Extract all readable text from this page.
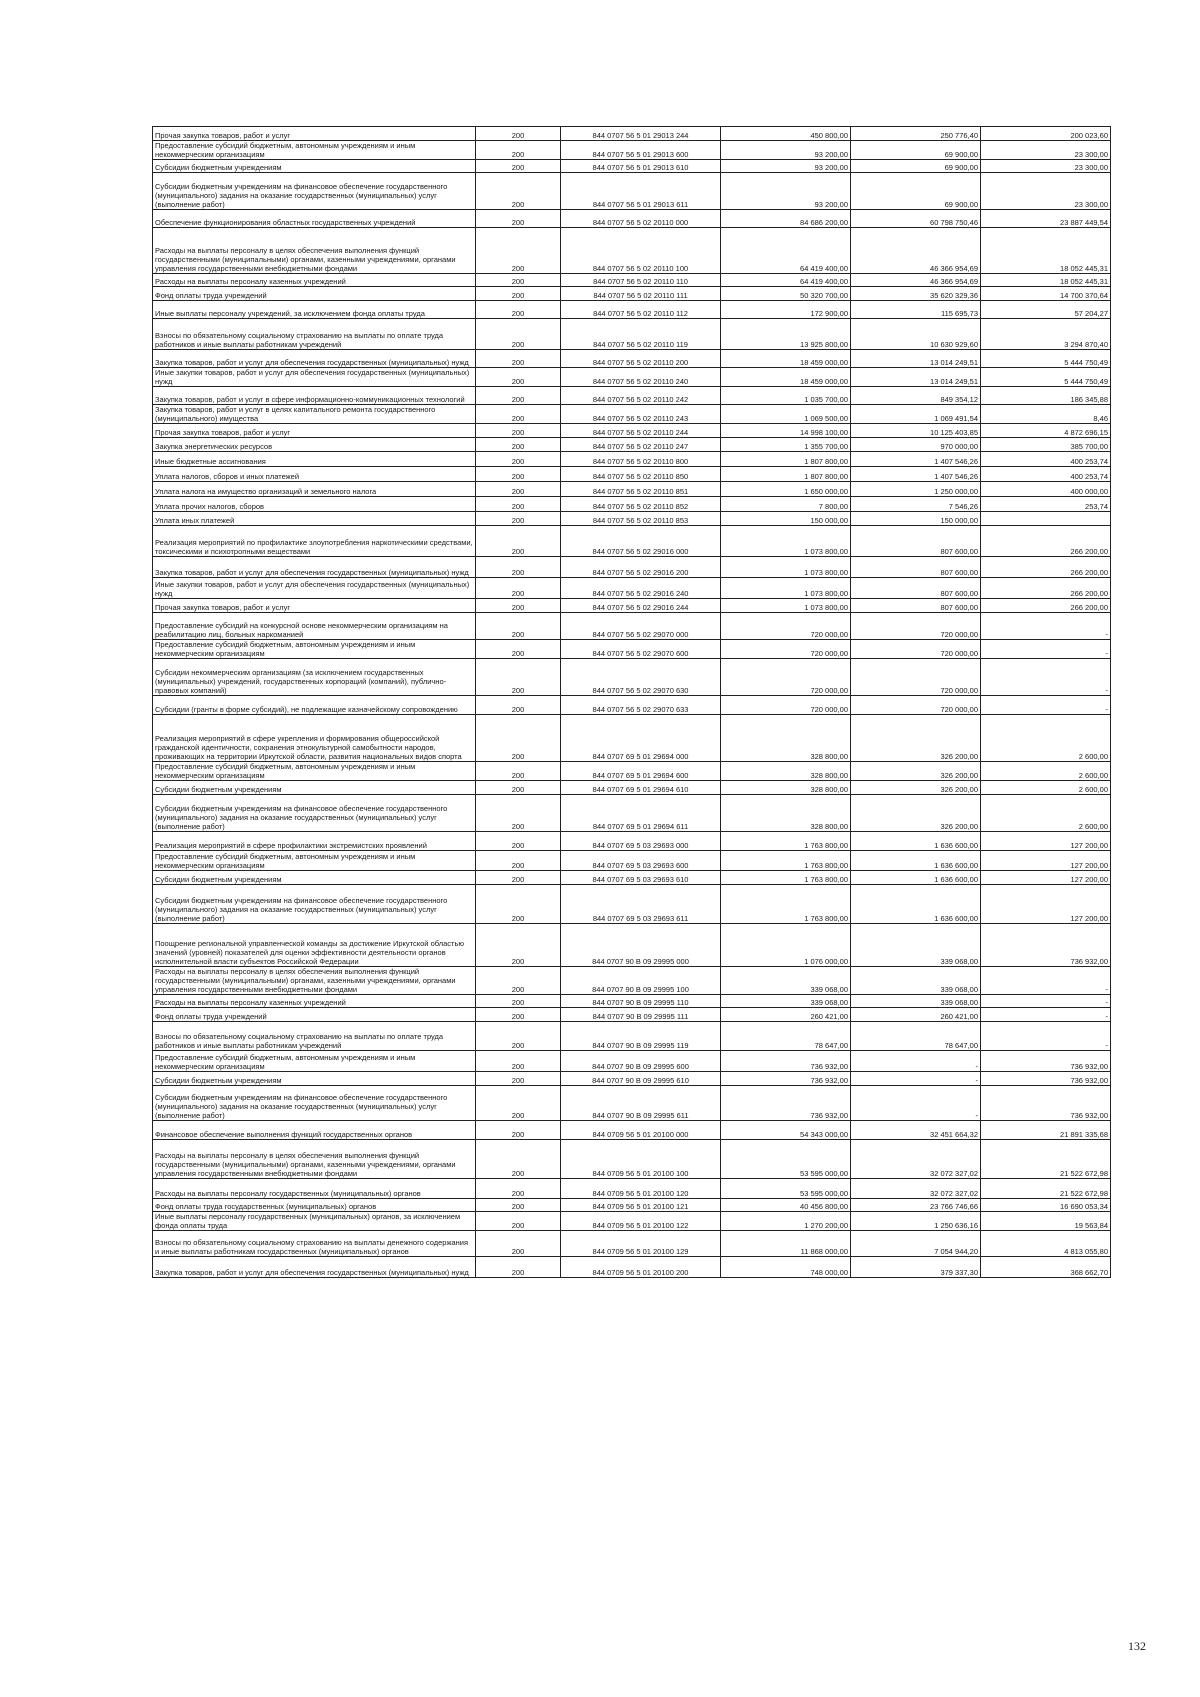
Прочая закупка товаров, работ и услуг	200	844 0707 56 5 01 29013 244	450 800,00	250 776,40	200 023,60
Предоставление субсидий бюджетным, автономным учреждениям и иным некоммерческим организациям	200	844 0707 56 5 01 29013 600	93 200,00	69 900,00	23 300,00
Субсидии бюджетным учреждениям	200	844 0707 56 5 01 29013 610	93 200,00	69 900,00	23 300,00
Субсидии бюджетным учреждениям на финансовое обеспечение государственного (муниципального) задания на оказание государственных (муниципальных) услуг (выполнение работ)	200	844 0707 56 5 01 29013 611	93 200,00	69 900,00	23 300,00
Обеспечение функционирования областных государственных учреждений	200	844 0707 56 5 02 20110 000	84 686 200,00	60 798 750,46	23 887 449,54
Расходы на выплаты персоналу в целях обеспечения выполнения функций государственными (муниципальными) органами, казенными учреждениями, органами управления государственными внебюджетными фондами	200	844 0707 56 5 02 20110 100	64 419 400,00	46 366 954,69	18 052 445,31
Расходы на выплаты персоналу казенных учреждений	200	844 0707 56 5 02 20110 110	64 419 400,00	46 366 954,69	18 052 445,31
Фонд оплаты труда учреждений	200	844 0707 56 5 02 20110 111	50 320 700,00	35 620 329,36	14 700 370,64
Иные выплаты персоналу учреждений, за исключением фонда оплаты труда	200	844 0707 56 5 02 20110 112	172 900,00	115 695,73	57 204,27
Взносы по обязательному социальному страхованию на выплаты по оплате труда работников и иные выплаты работникам учреждений	200	844 0707 56 5 02 20110 119	13 925 800,00	10 630 929,60	3 294 870,40
Закупка товаров, работ и услуг для обеспечения государственных (муниципальных) нужд	200	844 0707 56 5 02 20110 200	18 459 000,00	13 014 249,51	5 444 750,49
Иные закупки товаров, работ и услуг для обеспечения государственных (муниципальных) нужд	200	844 0707 56 5 02 20110 240	18 459 000,00	13 014 249,51	5 444 750,49
Закупка товаров, работ и услуг в сфере информационно-коммуникационных технологий	200	844 0707 56 5 02 20110 242	1 035 700,00	849 354,12	186 345,88
Закупка товаров, работ и услуг в целях капитального ремонта государственного (муниципального) имущества	200	844 0707 56 5 02 20110 243	1 069 500,00	1 069 491,54	8,46
Прочая закупка товаров, работ и услуг	200	844 0707 56 5 02 20110 244	14 998 100,00	10 125 403,85	4 872 696,15
Закупка энергетических ресурсов	200	844 0707 56 5 02 20110 247	1 355 700,00	970 000,00	385 700,00
Иные бюджетные ассигнования	200	844 0707 56 5 02 20110 800	1 807 800,00	1 407 546,26	400 253,74
Уплата налогов, сборов и иных платежей	200	844 0707 56 5 02 20110 850	1 807 800,00	1 407 546,26	400 253,74
Уплата налога на имущество организаций и земельного налога	200	844 0707 56 5 02 20110 851	1 650 000,00	1 250 000,00	400 000,00
Уплата прочих налогов, сборов	200	844 0707 56 5 02 20110 852	7 800,00	7 546,26	253,74
Уплата иных платежей	200	844 0707 56 5 02 20110 853	150 000,00	150 000,00	
Реализация мероприятий по профилактике злоупотребления наркотическими средствами, токсическими и психотропными веществами	200	844 0707 56 5 02 29016 000	1 073 800,00	807 600,00	266 200,00
Закупка товаров, работ и услуг для обеспечения государственных (муниципальных) нужд	200	844 0707 56 5 02 29016 200	1 073 800,00	807 600,00	266 200,00
Иные закупки товаров, работ и услуг для обеспечения государственных (муниципальных) нужд	200	844 0707 56 5 02 29016 240	1 073 800,00	807 600,00	266 200,00
Прочая закупка товаров, работ и услуг	200	844 0707 56 5 02 29016 244	1 073 800,00	807 600,00	266 200,00
Предоставление субсидий на конкурсной основе некоммерческим организациям на реабилитацию лиц, больных наркоманией	200	844 0707 56 5 02 29070 000	720 000,00	720 000,00	-
Предоставление субсидий бюджетным, автономным учреждениям и иным некоммерческим организациям	200	844 0707 56 5 02 29070 600	720 000,00	720 000,00	-
Субсидии некоммерческим организациям (за исключением государственных (муниципальных) учреждений, государственных корпораций (компаний), публично-правовых компаний)	200	844 0707 56 5 02 29070 630	720 000,00	720 000,00	-
Субсидии (гранты в форме субсидий), не подлежащие казначейскому сопровождению	200	844 0707 56 5 02 29070 633	720 000,00	720 000,00	-
Реализация мероприятий в сфере укрепления и формирования общероссийской гражданской идентичности, сохранения этнокультурной самобытности народов, проживающих на территории Иркутской области, развития национальных видов спорта	200	844 0707 69 5 01 29694 000	328 800,00	326 200,00	2 600,00
Предоставление субсидий бюджетным, автономным учреждениям и иным некоммерческим организациям	200	844 0707 69 5 01 29694 600	328 800,00	326 200,00	2 600,00
Субсидии бюджетным учреждениям	200	844 0707 69 5 01 29694 610	328 800,00	326 200,00	2 600,00
Субсидии бюджетным учреждениям на финансовое обеспечение государственного (муниципального) задания на оказание государственных (муниципальных) услуг (выполнение работ)	200	844 0707 69 5 01 29694 611	328 800,00	326 200,00	2 600,00
Реализация мероприятий в сфере профилактики экстремистских проявлений	200	844 0707 69 5 03 29693 000	1 763 800,00	1 636 600,00	127 200,00
Предоставление субсидий бюджетным, автономным учреждениям и иным некоммерческим организациям	200	844 0707 69 5 03 29693 600	1 763 800,00	1 636 600,00	127 200,00
Субсидии бюджетным учреждениям	200	844 0707 69 5 03 29693 610	1 763 800,00	1 636 600,00	127 200,00
Субсидии бюджетным учреждениям на финансовое обеспечение государственного (муниципального) задания на оказание государственных (муниципальных) услуг (выполнение работ)	200	844 0707 69 5 03 29693 611	1 763 800,00	1 636 600,00	127 200,00
Поощрение региональной управленческой команды за достижение Иркутской областью значений (уровней) показателей для оценки эффективности деятельности органов исполнительной власти субъектов Российской Федерации	200	844 0707 90 В 09 29995 000	1 076 000,00	339 068,00	736 932,00
Расходы на выплаты персоналу в целях обеспечения выполнения функций государственными (муниципальными) органами, казенными учреждениями, органами управления государственными внебюджетными фондами	200	844 0707 90 В 09 29995 100	339 068,00	339 068,00	-
Расходы на выплаты персоналу казенных учреждений	200	844 0707 90 В 09 29995 110	339 068,00	339 068,00	-
Фонд оплаты труда учреждений	200	844 0707 90 В 09 29995 111	260 421,00	260 421,00	-
Взносы по обязательному социальному страхованию на выплаты по оплате труда работников и иные выплаты работникам учреждений	200	844 0707 90 В 09 29995 119	78 647,00	78 647,00	-
Предоставление субсидий бюджетным, автономным учреждениям и иным некоммерческим организациям	200	844 0707 90 В 09 29995 600	736 932,00	-	736 932,00
Субсидии бюджетным учреждениям	200	844 0707 90 В 09 29995 610	736 932,00	-	736 932,00
Субсидии бюджетным учреждениям на финансовое обеспечение государственного (муниципального) задания на оказание государственных (муниципальных) услуг (выполнение работ)	200	844 0707 90 В 09 29995 611	736 932,00	-	736 932,00
Финансовое обеспечение выполнения функций государственных органов	200	844 0709 56 5 01 20100 000	54 343 000,00	32 451 664,32	21 891 335,68
Расходы на выплаты персоналу в целях обеспечения выполнения функций государственными (муниципальными) органами, казенными учреждениями, органами управления государственными внебюджетными фондами	200	844 0709 56 5 01 20100 100	53 595 000,00	32 072 327,02	21 522 672,98
Расходы на выплаты персоналу государственных (муниципальных) органов	200	844 0709 56 5 01 20100 120	53 595 000,00	32 072 327,02	21 522 672,98
Фонд оплаты труда государственных (муниципальных) органов	200	844 0709 56 5 01 20100 121	40 456 800,00	23 766 746,66	16 690 053,34
Иные выплаты персоналу государственных (муниципальных) органов, за исключением фонда оплаты труда	200	844 0709 56 5 01 20100 122	1 270 200,00	1 250 636,16	19 563,84
Взносы по обязательному социальному страхованию на выплаты денежного содержания и иные выплаты работникам государственных (муниципальных) органов	200	844 0709 56 5 01 20100 129	11 868 000,00	7 054 944,20	4 813 055,80
Закупка товаров, работ и услуг для обеспечения государственных (муниципальных) нужд	200	844 0709 56 5 01 20100 200	748 000,00	379 337,30	368 662,70
132
